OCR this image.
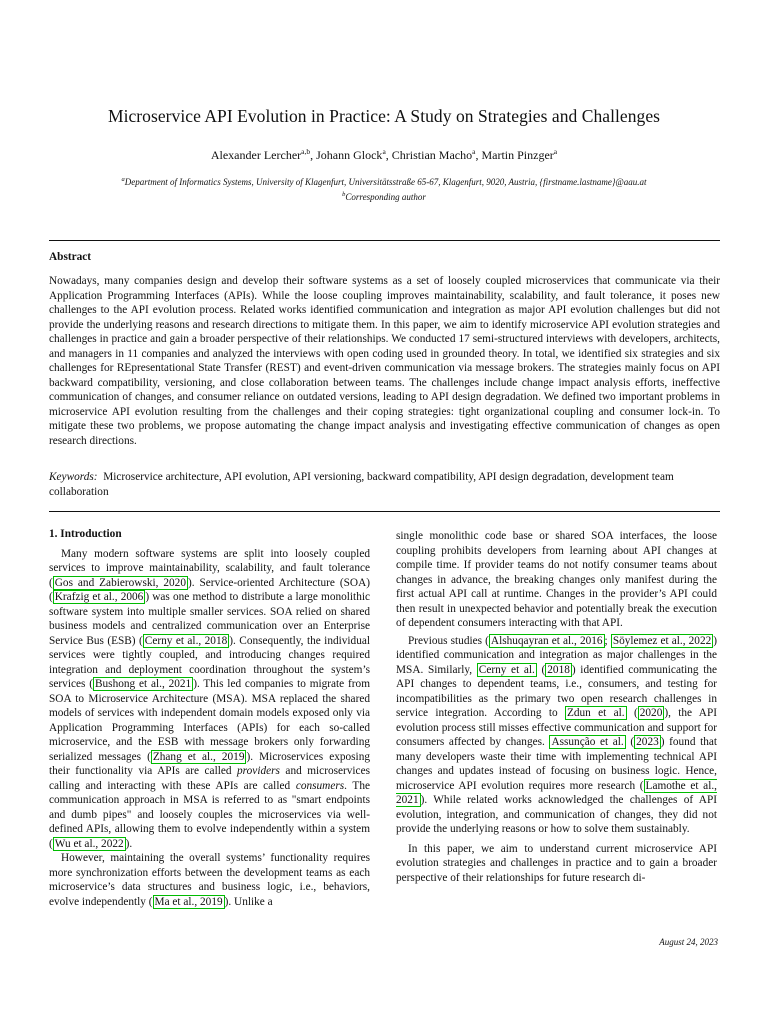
Microservice API Evolution in Practice: A Study on Strategies and Challenges
Alexander Lercher$^{a,b}$, Johann Glock$^a$, Christian Macho$^a$, Martin Pinzger$^a$
$^a$Department of Informatics Systems, University of Klagenfurt, Universitätsstraße 65-67, Klagenfurt, 9020, Austria, {firstname.lastname}@aau.at
$^b$Corresponding author
Abstract
Nowadays, many companies design and develop their software systems as a set of loosely coupled microservices that communicate via their Application Programming Interfaces (APIs). While the loose coupling improves maintainability, scalability, and fault tolerance, it poses new challenges to the API evolution process. Related works identified communication and integration as major API evolution challenges but did not provide the underlying reasons and research directions to mitigate them. In this paper, we aim to identify microservice API evolution strategies and challenges in practice and gain a broader perspective of their relationships. We conducted 17 semi-structured interviews with developers, architects, and managers in 11 companies and analyzed the interviews with open coding used in grounded theory. In total, we identified six strategies and six challenges for REpresentational State Transfer (REST) and event-driven communication via message brokers. The strategies mainly focus on API backward compatibility, versioning, and close collaboration between teams. The challenges include change impact analysis efforts, ineffective communication of changes, and consumer reliance on outdated versions, leading to API design degradation. We defined two important problems in microservice API evolution resulting from the challenges and their coping strategies: tight organizational coupling and consumer lock-in. To mitigate these two problems, we propose automating the change impact analysis and investigating effective communication of changes as open research directions.
Keywords: Microservice architecture, API evolution, API versioning, backward compatibility, API design degradation, development team collaboration

1. Introduction

Many modern software systems are split into loosely coupled services to improve maintainability, scalability, and fault tolerance ( Gos and Zabierowski, 2020 ). Service-oriented Architecture (SOA) ( Krafzig et al., 2006 ) was one method to distribute a large monolithic software system into multiple smaller services. SOA relied on shared business models and centralized communication over an Enterprise Service Bus (ESB) ( Cerny et al., 2018 ). Consequently, the individual services were tightly coupled, and introducing changes required integration and deployment coordination throughout the system’s services ( Bushong et al., 2021 ). This led companies to migrate from SOA to Microservice Architecture (MSA). MSA replaced the shared models of services with independent domain models exposed only via Application Programming Interfaces (APIs) for each so-called microservice, and the ESB with message brokers only forwarding serialized messages ( Zhang et al., 2019 ). Microservices exposing their functionality via APIs are called providers and microservices calling and interacting with these APIs are called consumers. The communication approach in MSA is referred to as "smart endpoints and dumb pipes" and loosely couples the microservices via well-defined APIs, allowing them to evolve independently within a system ( Wu et al., 2022 ).

However, maintaining the overall systems’ functionality requires more synchronization efforts between the development teams as each microservice’s data structures and business logic, i.e., behaviors, evolve independently ( Ma et al., 2019 ). Unlike a

single monolithic code base or shared SOA interfaces, the loose coupling prohibits developers from learning about API changes at compile time. If provider teams do not notify consumer teams about changes in advance, the breaking changes only manifest during the first actual API call at runtime. Changes in the provider’s API could then result in unexpected behavior and potentially break the execution of dependent consumers interacting with that API.

Previous studies ( Alshuqayran et al., 2016 ; Söylemez et al., 2022 ) identified communication and integration as major challenges in the MSA. Similarly, Cerny et al. ( 2018 ) identified communicating the API changes to dependent teams, i.e., consumers, and testing for incompatibilities as the primary two open research challenges in service integration. According to Zdun et al. ( 2020 ), the API evolution process still misses effective communication and support for consumers affected by changes. Assunção et al. ( 2023 ) found that many developers waste their time with implementing technical API changes and updates instead of focusing on business logic. Hence, microservice API evolution requires more research ( Lamothe et al., 2021 ). While related works acknowledged the challenges of API evolution, integration, and communication of changes, they did not provide the underlying reasons or how to solve them sustainably.

In this paper, we aim to understand current microservice API evolution strategies and challenges in practice and to gain a broader perspective of their relationships for future research di-

August 24, 2023
